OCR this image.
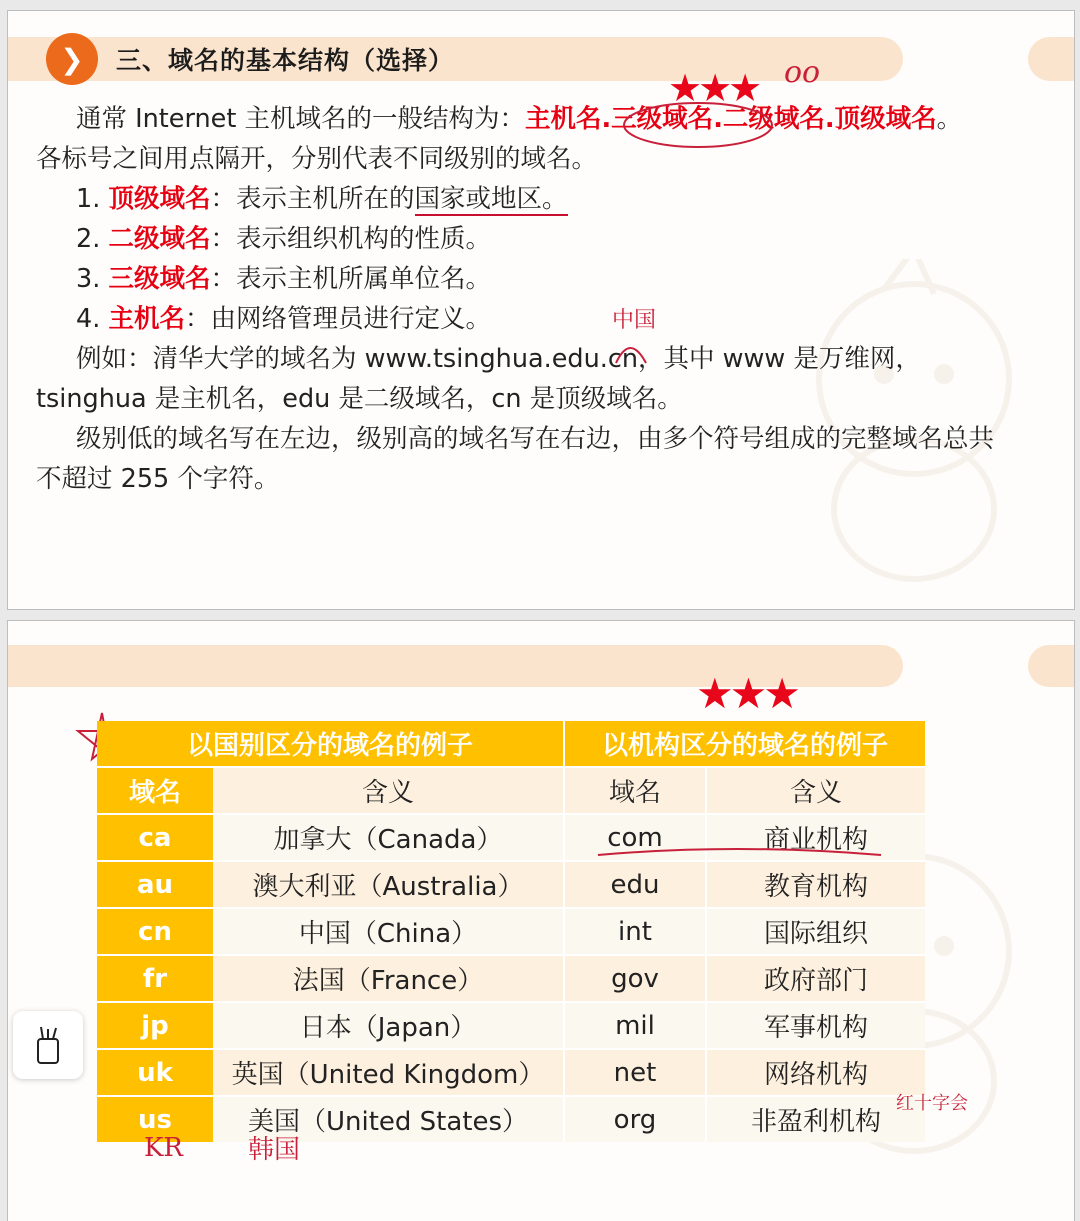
❯	三、域名的基本结构（选择）
通常 Internet 主机域名的一般结构为：主机名.三级域名.二级域名.顶级域名。
各标号之间用点隔开，分别代表不同级别的域名。
1. 顶级域名：表示主机所在的国家或地区。
2. 二级域名：表示组织机构的性质。
3. 三级域名：表示主机所属单位名。
4. 主机名：由网络管理员进行定义。
例如：清华大学的域名为 www.tsinghua.edu.cn，其中 www 是万维网，
tsinghua 是主机名，edu 是二级域名，cn 是顶级域名。
级别低的域名写在左边，级别高的域名写在右边，由多个符号组成的完整域名总共
不超过 255 个字符。
★★★ oo
中国
★★★
以国别区分的域名的例子		以机构区分的域名的例子	
域名	含义	域名	含义
ca	加拿大（Canada）	com	商业机构
au	澳大利亚（Australia）	edu	教育机构
cn	中国（China）	int	国际组织
fr	法国（France）	gov	政府部门
jp	日本（Japan）	mil	军事机构
uk	英国（United Kingdom）	net	网络机构
us	美国（United States）	org	非盈利机构
红十字会
KR	韩国
